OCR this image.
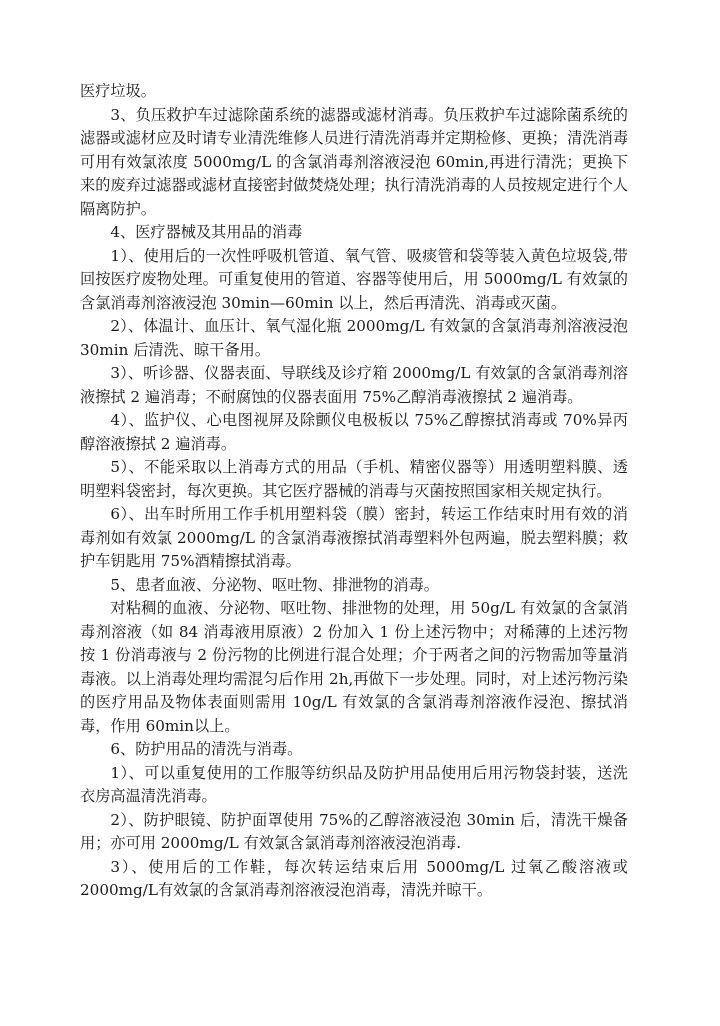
医疗垃圾。

3、负压救护车过滤除菌系统的滤器或滤材消毒。负压救护车过滤除菌系统的滤器或滤材应及时请专业清洗维修人员进行清洗消毒并定期检修、更换；清洗消毒可用有效氯浓度 5000mg/L 的含氯消毒剂溶液浸泡 60min,再进行清洗；更换下来的废弃过滤器或滤材直接密封做焚烧处理；执行清洗消毒的人员按规定进行个人隔离防护。

4、医疗器械及其用品的消毒

1）、使用后的一次性呼吸机管道、氧气管、吸痰管和袋等装入黄色垃圾袋,带回按医疗废物处理。可重复使用的管道、容器等使用后，用 5000mg/L 有效氯的含氯消毒剂溶液浸泡 30min—60min 以上，然后再清洗、消毒或灭菌。

2）、体温计、血压计、氧气湿化瓶 2000mg/L 有效氯的含氯消毒剂溶液浸泡30min 后清洗、晾干备用。

3）、听诊器、仪器表面、导联线及诊疗箱 2000mg/L 有效氯的含氯消毒剂溶液擦拭 2 遍消毒；不耐腐蚀的仪器表面用 75%乙醇消毒液擦拭 2 遍消毒。

4）、监护仪、心电图视屏及除颤仪电极板以 75%乙醇擦拭消毒或 70%异丙醇溶液擦拭 2 遍消毒。

5）、不能采取以上消毒方式的用品（手机、精密仪器等）用透明塑料膜、透明塑料袋密封，每次更换。其它医疗器械的消毒与灭菌按照国家相关规定执行。

6）、出车时所用工作手机用塑料袋（膜）密封，转运工作结束时用有效的消毒剂如有效氯 2000mg/L 的含氯消毒液擦拭消毒塑料外包两遍，脱去塑料膜；救护车钥匙用 75%酒精擦拭消毒。

5、患者血液、分泌物、呕吐物、排泄物的消毒。

对粘稠的血液、分泌物、呕吐物、排泄物的处理，用 50g/L 有效氯的含氯消毒剂溶液（如 84 消毒液用原液）2 份加入 1 份上述污物中；对稀薄的上述污物按 1 份消毒液与 2 份污物的比例进行混合处理；介于两者之间的污物需加等量消毒液。以上消毒处理均需混匀后作用 2h,再做下一步处理。同时，对上述污物污染的医疗用品及物体表面则需用 10g/L 有效氯的含氯消毒剂溶液作浸泡、擦拭消毒，作用 60min以上。

6、防护用品的清洗与消毒。

1）、可以重复使用的工作服等纺织品及防护用品使用后用污物袋封装，送洗衣房高温清洗消毒。

2）、防护眼镜、防护面罩使用 75%的乙醇溶液浸泡 30min 后，清洗干燥备用；亦可用 2000mg/L 有效氯含氯消毒剂溶液浸泡消毒.

3）、使用后的工作鞋，每次转运结束后用 5000mg/L 过氧乙酸溶液或 2000mg/L有效氯的含氯消毒剂溶液浸泡消毒，清洗并晾干。
